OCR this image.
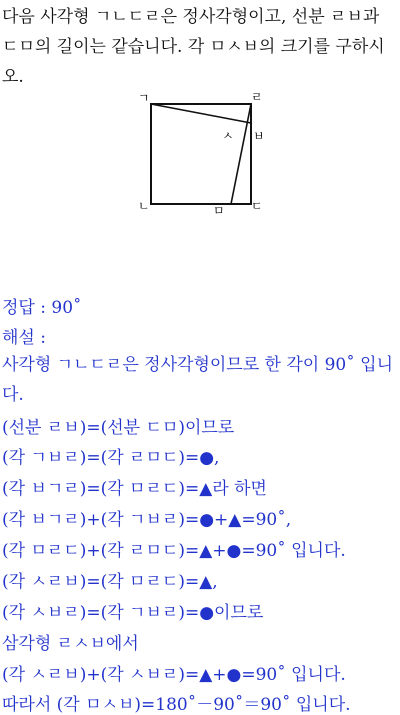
다음 사각형 ㄱㄴㄷㄹ은 정사각형이고, 선분 ㄹㅂ과 ㄷㅁ의 길이는 같습니다. 각 ㅁㅅㅂ의 크기를 구하시오.

ㄱ	ㄹ
ㄴ	ㄷ
ㅁ
ㅂ
ㅅ

정답 : 90˚

해설 :

사각형 ㄱㄴㄷㄹ은 정사각형이므로 한 각이 90˚ 입니다.

(선분 ㄹㅂ)=(선분 ㄷㅁ)이므로

(각 ㄱㅂㄹ)=(각 ㄹㅁㄷ)=●,

(각 ㅂㄱㄹ)=(각 ㅁㄹㄷ)=▲라 하면

(각 ㅂㄱㄹ)+(각 ㄱㅂㄹ)=●+▲=90˚,

(각 ㅁㄹㄷ)+(각 ㄹㅁㄷ)=▲+●=90˚ 입니다.

(각 ㅅㄹㅂ)=(각 ㅁㄹㄷ)=▲,

(각 ㅅㅂㄹ)=(각 ㄱㅂㄹ)=●이므로

삼각형 ㄹㅅㅂ에서

(각 ㅅㄹㅂ)+(각 ㅅㅂㄹ)=▲+●=90˚ 입니다.

따라서 (각 ㅁㅅㅂ)=180˚－90˚＝90˚ 입니다.
